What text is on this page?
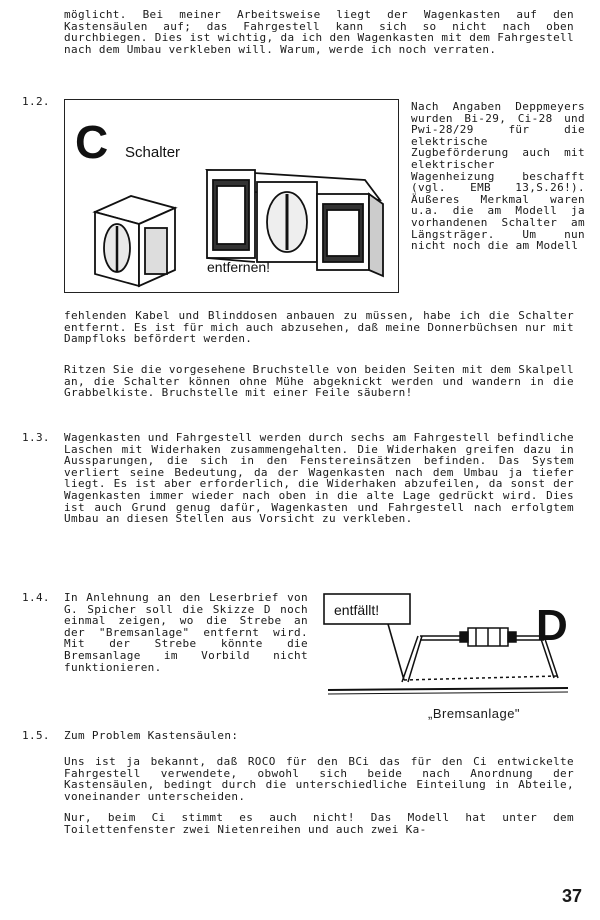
möglicht. Bei meiner Arbeitsweise liegt der Wagenkasten auf den Kastensäulen auf; das Fahrgestell kann sich so nicht nach oben durchbiegen. Dies ist wichtig, da ich den Wagenkasten mit dem Fahrgestell nach dem Umbau verkleben will. Warum, werde ich noch verraten.

1.2.

C Schalter
entfernen!

Nach Angaben Deppmeyers wurden Bi-29, Ci-28 und Pwi-28/29 für die elektrische Zugbeförderung auch mit elektrischer Wagenheizung beschafft (vgl. EMB 13,S.26!). Äußeres Merkmal waren u.a. die am Modell ja vorhandenen Schalter am Längsträger. Um nun nicht noch die am Modell

fehlenden Kabel und Blinddosen anbauen zu müssen, habe ich die Schalter entfernt. Es ist für mich auch abzusehen, daß meine Donnerbüchsen nur mit Dampfloks befördert werden.

Ritzen Sie die vorgesehene Bruchstelle von beiden Seiten mit dem Skalpell an, die Schalter können ohne Mühe abgeknickt werden und wandern in die Grabbelkiste. Bruchstelle mit einer Feile säubern!

1.3. Wagenkasten und Fahrgestell werden durch sechs am Fahrgestell befindliche Laschen mit Widerhaken zusammengehalten. Die Widerhaken greifen dazu in Aussparungen, die sich in den Fenstereinsätzen befinden. Das System verliert seine Bedeutung, da der Wagenkasten nach dem Umbau ja tiefer liegt. Es ist aber erforderlich, die Widerhaken abzufeilen, da sonst der Wagenkasten immer wieder nach oben in die alte Lage gedrückt wird. Dies ist auch Grund genug dafür, Wagenkasten und Fahrgestell nach erfolgtem Umbau an diesen Stellen aus Vorsicht zu verkleben.

1.4. In Anlehnung an den Leserbrief von G. Spicher soll die Skizze D noch einmal zeigen, wo die Strebe an der "Bremsanlage" entfernt wird. Mit der Strebe könnte die Bremsanlage im Vorbild nicht funktionieren.

entfällt!	D
„Bremsanlage"

1.5. Zum Problem Kastensäulen:

Uns ist ja bekannt, daß ROCO für den BCi das für den Ci entwickelte Fahrgestell verwendete, obwohl sich beide nach Anordnung der Kastensäulen, bedingt durch die unterschiedliche Einteilung in Abteile, voneinander unterscheiden.

Nur, beim Ci stimmt es auch nicht! Das Modell hat unter dem Toilettenfenster zwei Nietenreihen und auch zwei Ka-

37
